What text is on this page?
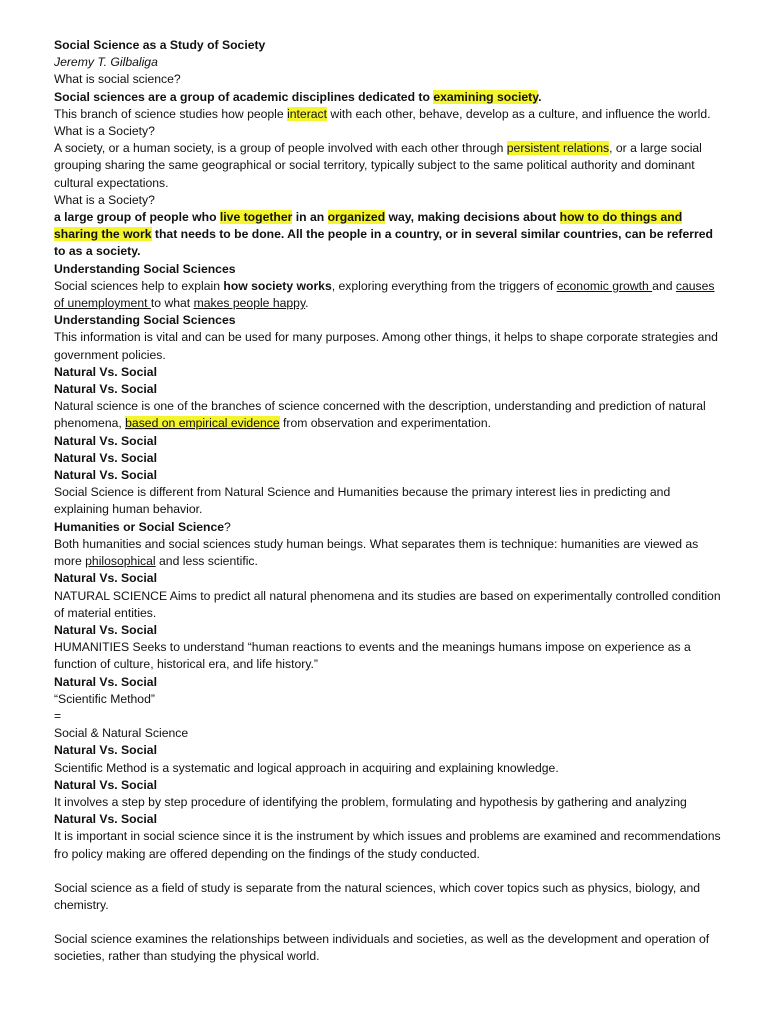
Social Science as a Study of Society
Jeremy T. Gilbaliga
What is social science?
Social sciences are a group of academic disciplines dedicated to examining society.
This branch of science studies how people interact with each other, behave, develop as a culture, and influence the world.
What is a Society?
A society, or a human society, is a group of people involved with each other through persistent relations, or a large social grouping sharing the same geographical or social territory, typically subject to the same political authority and dominant cultural expectations.
What is a Society?
a large group of people who live together in an organized way, making decisions about how to do things and sharing the work that needs to be done. All the people in a country, or in several similar countries, can be referred to as a society.
Understanding Social Sciences
Social sciences help to explain how society works, exploring everything from the triggers of economic growth and causes of unemployment to what makes people happy.
Understanding Social Sciences
This information is vital and can be used for many purposes. Among other things, it helps to shape corporate strategies and government policies.
Natural Vs. Social
Natural Vs. Social
Natural science is one of the branches of science concerned with the description, understanding and prediction of natural phenomena, based on empirical evidence from observation and experimentation.
Natural Vs. Social
Natural Vs. Social
Natural Vs. Social
Social Science is different from Natural Science and Humanities because the primary interest lies in predicting and explaining human behavior.
Humanities or Social Science?
Both humanities and social sciences study human beings. What separates them is technique: humanities are viewed as more philosophical and less scientific.
Natural Vs. Social
NATURAL SCIENCE Aims to predict all natural phenomena and its studies are based on experimentally controlled condition of material entities.
Natural Vs. Social
HUMANITIES Seeks to understand “human reactions to events and the meanings humans impose on experience as a function of culture, historical era, and life history.”
Natural Vs. Social
“Scientific Method”
=
Social & Natural Science
Natural Vs. Social
Scientific Method is a systematic and logical approach in acquiring and explaining knowledge.
Natural Vs. Social
It involves a step by step procedure of identifying the problem, formulating and hypothesis by gathering and analyzing
Natural Vs. Social
It is important in social science since it is the instrument by which issues and problems are examined and recommendations fro policy making are offered depending on the findings of the study conducted.
Social science as a field of study is separate from the natural sciences, which cover topics such as physics, biology, and chemistry.
Social science examines the relationships between individuals and societies, as well as the development and operation of societies, rather than studying the physical world.
